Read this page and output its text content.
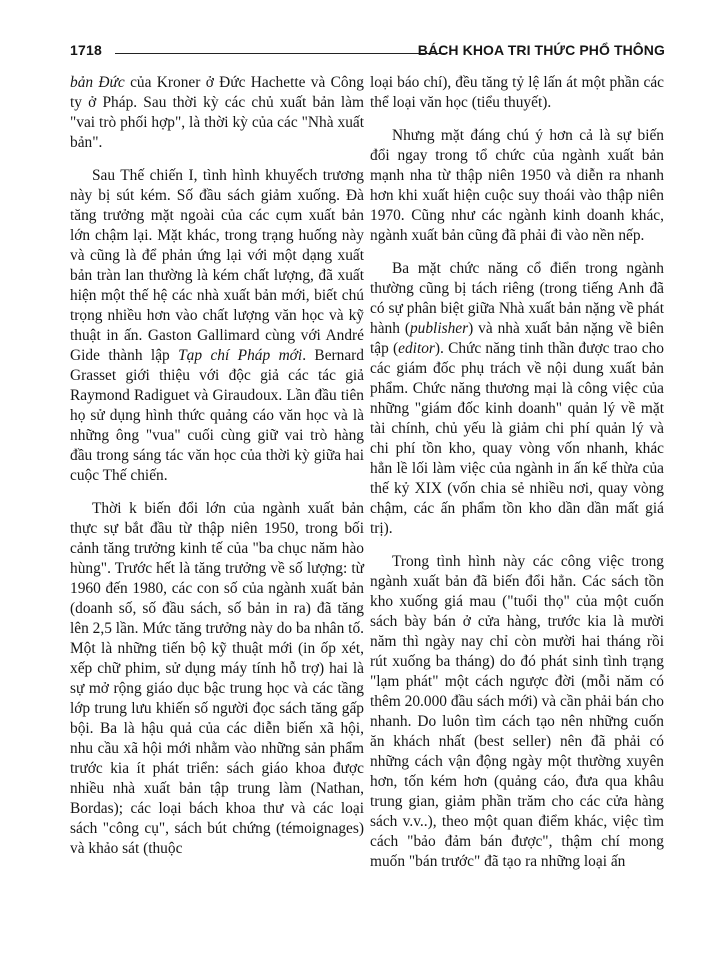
1718	BÁCH KHOA TRI THỨC PHỔ THÔNG

bản Đức của Kroner ở Đức Hachette và Công ty ở Pháp. Sau thời kỳ các chủ xuất bản làm "vai trò phối hợp", là thời kỳ của các "Nhà xuất bản".

Sau Thế chiến I, tình hình khuyếch trương này bị sút kém. Số đầu sách giảm xuống. Đà tăng trưởng mặt ngoài của các cụm xuất bản lớn chậm lại. Mặt khác, trong trạng huống này và cũng là để phản ứng lại với một dạng xuất bản tràn lan thường là kém chất lượng, đã xuất hiện một thế hệ các nhà xuất bản mới, biết chú trọng nhiều hơn vào chất lượng văn học và kỹ thuật in ấn. Gaston Gallimard cùng với André Gide thành lập Tạp chí Pháp mới. Bernard Grasset giới thiệu với độc giả các tác giả Raymond Radiguet và Giraudoux. Lần đầu tiên họ sử dụng hình thức quảng cáo văn học và là những ông "vua" cuối cùng giữ vai trò hàng đầu trong sáng tác văn học của thời kỳ giữa hai cuộc Thế chiến.

Thời k biến đổi lớn của ngành xuất bản thực sự bắt đầu từ thập niên 1950, trong bối cảnh tăng trưởng kinh tế của "ba chục năm hào hùng". Trước hết là tăng trưởng về số lượng: từ 1960 đến 1980, các con số của ngành xuất bản (doanh số, số đầu sách, số bản in ra) đã tăng lên 2,5 lần. Mức tăng trưởng này do ba nhân tố. Một là những tiến bộ kỹ thuật mới (in ốp xét, xếp chữ phim, sử dụng máy tính hỗ trợ) hai là sự mở rộng giáo dục bậc trung học và các tầng lớp trung lưu khiến số người đọc sách tăng gấp bội. Ba là hậu quả của các diễn biến xã hội, nhu cầu xã hội mới nhằm vào những sản phẩm trước kia ít phát triển: sách giáo khoa được nhiều nhà xuất bản tập trung làm (Nathan, Bordas); các loại bách khoa thư và các loại sách "công cụ", sách bút chứng (témoignages) và khảo sát (thuộc

loại báo chí), đều tăng tỷ lệ lấn át một phần các thể loại văn học (tiểu thuyết).

Nhưng mặt đáng chú ý hơn cả là sự biến đổi ngay trong tổ chức của ngành xuất bản mạnh nha từ thập niên 1950 và diễn ra nhanh hơn khi xuất hiện cuộc suy thoái vào thập niên 1970. Cũng như các ngành kinh doanh khác, ngành xuất bản cũng đã phải đi vào nền nếp.

Ba mặt chức năng cổ điển trong ngành thường cũng bị tách riêng (trong tiếng Anh đã có sự phân biệt giữa Nhà xuất bản nặng về phát hành (publisher) và nhà xuất bản nặng về biên tập (editor). Chức năng tinh thần được trao cho các giám đốc phụ trách về nội dung xuất bản phẩm. Chức năng thương mại là công việc của những "giám đốc kinh doanh" quản lý về mặt tài chính, chủ yếu là giảm chi phí quản lý và chi phí tồn kho, quay vòng vốn nhanh, khác hẳn lề lối làm việc của ngành in ấn kế thừa của thế kỷ XIX (vốn chia sẻ nhiều nơi, quay vòng chậm, các ấn phẩm tồn kho dần dần mất giá trị).

Trong tình hình này các công việc trong ngành xuất bản đã biến đổi hẳn. Các sách tồn kho xuống giá mau ("tuổi thọ" của một cuốn sách bày bán ở cửa hàng, trước kia là mười năm thì ngày nay chỉ còn mười hai tháng rồi rút xuống ba tháng) do đó phát sinh tình trạng "lạm phát" một cách ngược đời (mỗi năm có thêm 20.000 đầu sách mới) và cần phải bán cho nhanh. Do luôn tìm cách tạo nên những cuốn ăn khách nhất (best seller) nên đã phải có những cách vận động ngày một thường xuyên hơn, tốn kém hơn (quảng cáo, đưa qua khâu trung gian, giảm phần trăm cho các cửa hàng sách v.v..), theo một quan điểm khác, việc tìm cách "bảo đảm bán được", thậm chí mong muốn "bán trước" đã tạo ra những loại ấn
